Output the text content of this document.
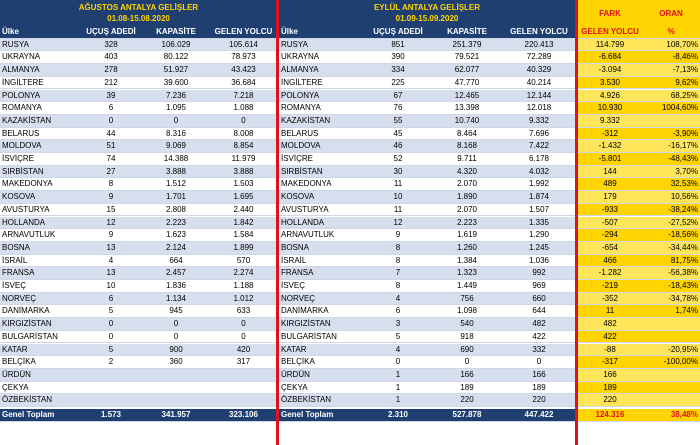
AĞUSTOS ANTALYA GELİŞLER
01.08-15.08.2020
Ülke	UÇUŞ ADEDİ	KAPASİTE	GELEN YOLCU
RUSYA	328	106.029	105.614
UKRAYNA	403	80.122	78.973
ALMANYA	278	51.927	43.423
İNGİLTERE	212	39.600	36.684
POLONYA	39	7.236	7.218
ROMANYA	6	1.095	1.088
KAZAKİSTAN	0	0	0
BELARUS	44	8.316	8.008
MOLDOVA	51	9.069	8.854
İSVİÇRE	74	14.388	11.979
SIRBİSTAN	27	3.888	3.888
MAKEDONYA	8	1.512	1.503
KOSOVA	9	1.701	1.695
AVUSTURYA	15	2.808	2.440
HOLLANDA	12	2.223	1.842
ARNAVUTLUK	9	1.623	1.584
BOSNA	13	2.124	1.899
İSRAİL	4	664	570
FRANSA	13	2.457	2.274
İSVEÇ	10	1.836	1.188
NORVEÇ	6	1.134	1.012
DANİMARKA	5	945	633
KIRGIZİSTAN	0	0	0
BULGARİSTAN	0	0	0
KATAR	5	900	420
BELÇİKA	2	360	317
ÜRDÜN
ÇEKYA
ÖZBEKİSTAN
Genel Toplam	1.573	341.957	323.106
EYLÜL ANTALYA GELİŞLER
01.09-15.09.2020
Ülke	UÇUŞ ADEDİ	KAPASİTE	GELEN YOLCU
RUSYA	851	251.379	220.413
UKRAYNA	390	79.521	72.289
ALMANYA	334	62.077	40.329
İNGİLTERE	225	47.770	40.214
POLONYA	67	12.465	12.144
ROMANYA	76	13.398	12.018
KAZAKİSTAN	55	10.740	9.332
BELARUS	45	8.464	7.696
MOLDOVA	46	8.168	7.422
İSVİÇRE	52	9.711	6.178
SIRBİSTAN	30	4.320	4.032
MAKEDONYA	11	2.070	1.992
KOSOVA	10	1.890	1.874
AVUSTURYA	11	2.070	1.507
HOLLANDA	12	2.223	1.335
ARNAVUTLUK	9	1.619	1.290
BOSNA	8	1.260	1.245
İSRAİL	8	1.384	1.036
FRANSA	7	1.323	992
İSVEÇ	8	1.449	969
NORVEÇ	4	756	660
DANİMARKA	6	1.098	644
KIRGIZİSTAN	3	540	482
BULGARİSTAN	5	918	422
KATAR	4	690	332
BELÇİKA	0	0	0
ÜRDÜN	1	166	166
ÇEKYA	1	189	189
ÖZBEKİSTAN	1	220	220
Genel Toplam	2.310	527.878	447.422
FARK	ORAN
GELEN YOLCU	%
114.799	108,70%
-6.684	-8,46%
-3.094	-7,13%
3.530	9,62%
4.926	68,25%
10.930	1004,60%
9.332
-312	-3,90%
-1.432	-16,17%
-5.801	-48,43%
144	3,70%
489	32,53%
179	10,56%
-933	-38,24%
-507	-27,52%
-294	-18,56%
-654	-34,44%
466	81,75%
-1.282	-56,38%
-219	-18,43%
-352	-34,78%
11	1,74%
482
422
-88	-20,95%
-317	-100,00%
166
189
220
124.316	38,48%
